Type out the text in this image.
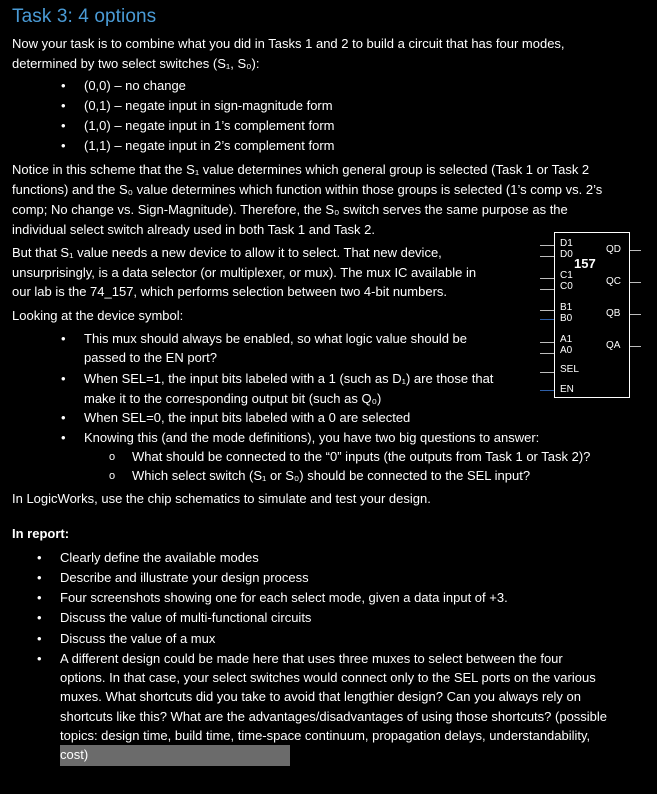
Task 3: 4 options
Now your task is to combine what you did in Tasks 1 and 2 to build a circuit that has four modes,
determined by two select switches (S₁, S₀):
• (0,0) – no change
• (0,1) – negate input in sign-magnitude form
• (1,0) – negate input in 1’s complement form
• (1,1) – negate input in 2’s complement form
Notice in this scheme that the S₁ value determines which general group is selected (Task 1 or Task 2
functions) and the S₀ value determines which function within those groups is selected (1’s comp vs. 2’s
comp; No change vs. Sign-Magnitude). Therefore, the S₀ switch serves the same purpose as the
individual select switch already used in both Task 1 and Task 2.
But that S₁ value needs a new device to allow it to select. That new device,
unsurprisingly, is a data selector (or multiplexer, or mux). The mux IC available in
our lab is the 74_157, which performs selection between two 4-bit numbers.
Looking at the device symbol:
• This mux should always be enabled, so what logic value should be
passed to the EN port?
• When SEL=1, the input bits labeled with a 1 (such as D₁) are those that
make it to the corresponding output bit (such as Q₀)
• When SEL=0, the input bits labeled with a 0 are selected
• Knowing this (and the mode definitions), you have two big questions to answer:
o What should be connected to the “0” inputs (the outputs from Task 1 or Task 2)?
o Which select switch (S₁ or S₀) should be connected to the SEL input?
In LogicWorks, use the chip schematics to simulate and test your design.
In report:
• Clearly define the available modes
• Describe and illustrate your design process
• Four screenshots showing one for each select mode, given a data input of +3.
• Discuss the value of multi-functional circuits
• Discuss the value of a mux
• A different design could be made here that uses three muxes to select between the four
options. In that case, your select switches would connect only to the SEL ports on the various
muxes. What shortcuts did you take to avoid that lengthier design? Can you always rely on
shortcuts like this? What are the advantages/disadvantages of using those shortcuts? (possible
topics: design time, build time, time-space continuum, propagation delays, understandability,
cost)
D1
D0
C1
C0
B1
B0
A1
A0
SEL
EN
157
QD
QC
QB
QA
